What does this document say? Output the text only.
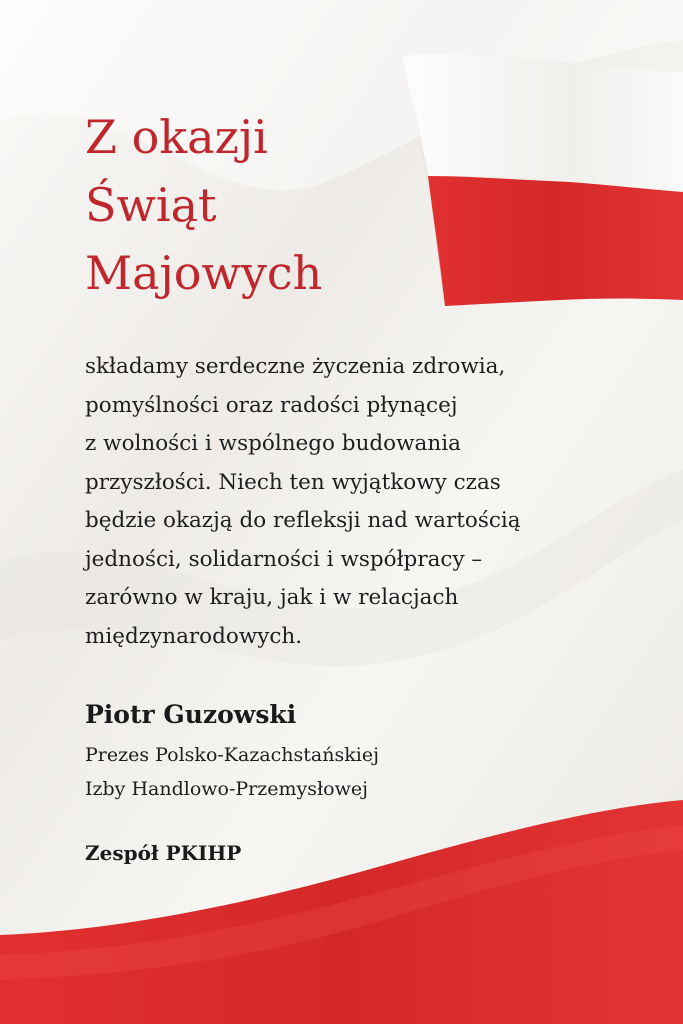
Z okazji
Świąt
Majowych

składamy serdeczne życzenia zdrowia,
pomyślności oraz radości płynącej
z wolności i wspólnego budowania
przyszłości. Niech ten wyjątkowy czas
będzie okazją do refleksji nad wartością
jedności, solidarności i współpracy –
zarówno w kraju, jak i w relacjach
międzynarodowych.

Piotr Guzowski

Prezes Polsko-Kazachstańskiej
Izby Handlowo-Przemysłowej

Zespół PKIHP
